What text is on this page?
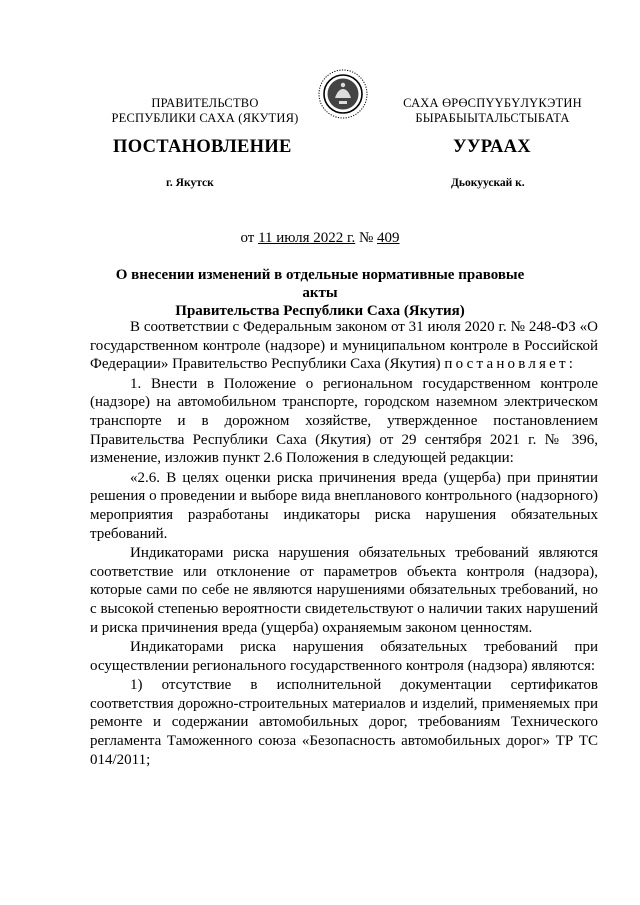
ПРАВИТЕЛЬСТВО
РЕСПУБЛИКИ САХА (ЯКУТИЯ)
САХА ӨРӨСПҮҮБҮЛҮКЭТИН
БЫРАБЫЫТАЛЬСТЫБАТА
ПОСТАНОВЛЕНИЕ	УУРААХ
г. Якутск	Дьокуускай к.
от 11 июля 2022 г. № 409
О внесении изменений в отдельные нормативные правовые акты
Правительства Республики Саха (Якутия)

В соответствии с Федеральным законом от 31 июля 2020 г. № 248-ФЗ «О государственном контроле (надзоре) и муниципальном контроле в Российской Федерации» Правительство Республики Саха (Якутия) постановляет:

1. Внести в Положение о региональном государственном контроле (надзоре) на автомобильном транспорте, городском наземном электрическом транспорте и в дорожном хозяйстве, утвержденное постановлением Правительства Республики Саха (Якутия) от 29 сентября 2021 г. № 396, изменение, изложив пункт 2.6 Положения в следующей редакции:

«2.6. В целях оценки риска причинения вреда (ущерба) при принятии решения о проведении и выборе вида внепланового контрольного (надзорного) мероприятия разработаны индикаторы риска нарушения обязательных требований.

Индикаторами риска нарушения обязательных требований являются соответствие или отклонение от параметров объекта контроля (надзора), которые сами по себе не являются нарушениями обязательных требований, но с высокой степенью вероятности свидетельствуют о наличии таких нарушений и риска причинения вреда (ущерба) охраняемым законом ценностям.

Индикаторами риска нарушения обязательных требований при осуществлении регионального государственного контроля (надзора) являются:

1) отсутствие в исполнительной документации сертификатов соответствия дорожно-строительных материалов и изделий, применяемых при ремонте и содержании автомобильных дорог, требованиям Технического регламента Таможенного союза «Безопасность автомобильных дорог» ТР ТС 014/2011;
